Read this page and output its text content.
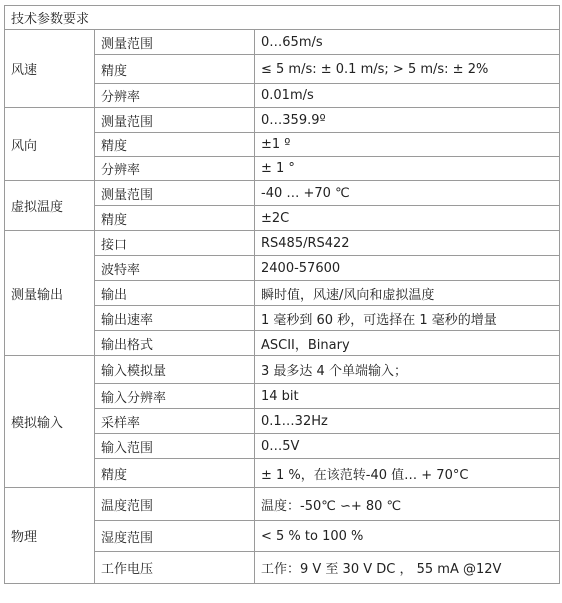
技术参数要求		
风速	测量范围	0…65m/s
	精度	≤ 5 m/s: ± 0.1 m/s; > 5 m/s: ± 2%
	分辨率	0.01m/s
风向	测量范围	0…359.9º
	精度	±1 º
	分辨率	± 1 °
虚拟温度	测量范围	-40 … +70 ℃
	精度	±2C
测量输出	接口	RS485/RS422
	波特率	2400-57600
	输出	瞬时值，风速/风向和虚拟温度
	输出速率	1 毫秒到 60 秒，可选择在 1 毫秒的增量
	输出格式	ASCII，Binary
模拟输入	输入模拟量	3 最多达 4 个单端输入；
	输入分辨率	14 bit
	采样率	0.1…32Hz
	输入范围	0…5V
	精度	± 1 %，在该范转-40 值… + 70°C
物理	温度范围	温度：-50℃ ∽+ 80 ℃
	湿度范围	< 5 % to 100 %
	工作电压	工作：9 V 至 30 V DC ， 55 mA @12V
